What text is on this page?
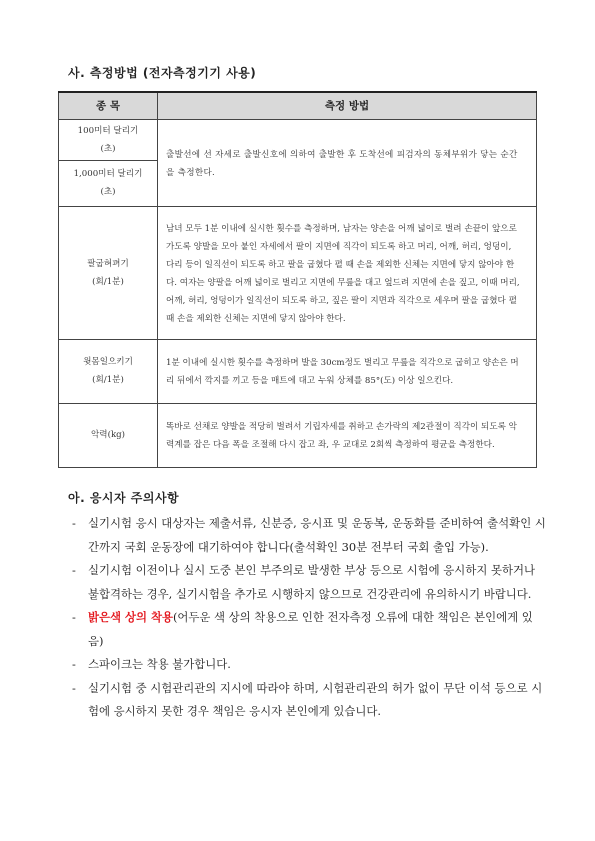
사. 측정방법 (전자측정기기 사용)
종 목	측정 방법

100미터 달리기
(초)	출발선에 선 자세로 출발신호에 의하여 출발한 후 도착선에 피검자의 동체부위가 닿는 순간을 측정한다.

1,000미터 달리기
(초)	

팔굽혀펴기
(회/1분)	남녀 모두 1분 이내에 실시한 횟수를 측정하며, 남자는 양손을 어깨 넓이로 벌려 손끝이 앞으로 가도록 양발을 모아 붙인 자세에서 팔이 지면에 직각이 되도록 하고 머리, 어깨, 허리, 엉덩이, 다리 등이 일직선이 되도록 하고 팔을 굽혔다 펼 때 손을 제외한 신체는 지면에 닿지 않아야 한다. 여자는 양팔을 어깨 넓이로 벌리고 지면에 무릎을 대고 엎드려 지면에 손을 짚고, 이때 머리, 어깨, 허리, 엉덩이가 일직선이 되도록 하고, 짚은 팔이 지면과 직각으로 세우며 팔을 굽혔다 펼 때 손을 제외한 신체는 지면에 닿지 않아야 한다.

윗몸일으키기
(회/1분)	1분 이내에 실시한 횟수를 측정하며 발을 30cm정도 벌리고 무릎을 직각으로 굽히고 양손은 머리 뒤에서 깍지를 끼고 등을 매트에 대고 누워 상체를 85°(도) 이상 일으킨다.

악력(kg)	똑바로 선채로 양발을 적당히 벌려서 기립자세를 취하고 손가락의 제2관절이 직각이 되도록 악력계를 잡은 다음 폭을 조절해 다시 잡고 좌, 우 교대로 2회씩 측정하여 평균을 측정한다.
아. 응시자 주의사항
- 실기시험 응시 대상자는 제출서류, 신분증, 응시표 및 운동복, 운동화를 준비하여 출석확인 시간까지 국회 운동장에 대기하여야 합니다(출석확인 30분 전부터 국회 출입 가능).
- 실기시험 이전이나 실시 도중 본인 부주의로 발생한 부상 등으로 시험에 응시하지 못하거나 불합격하는 경우, 실기시험을 추가로 시행하지 않으므로 건강관리에 유의하시기 바랍니다.
- 밝은색 상의 착용(어두운 색 상의 착용으로 인한 전자측정 오류에 대한 책임은 본인에게 있음)
- 스파이크는 착용 불가합니다.
- 실기시험 중 시험관리관의 지시에 따라야 하며, 시험관리관의 허가 없이 무단 이석 등으로 시험에 응시하지 못한 경우 책임은 응시자 본인에게 있습니다.
